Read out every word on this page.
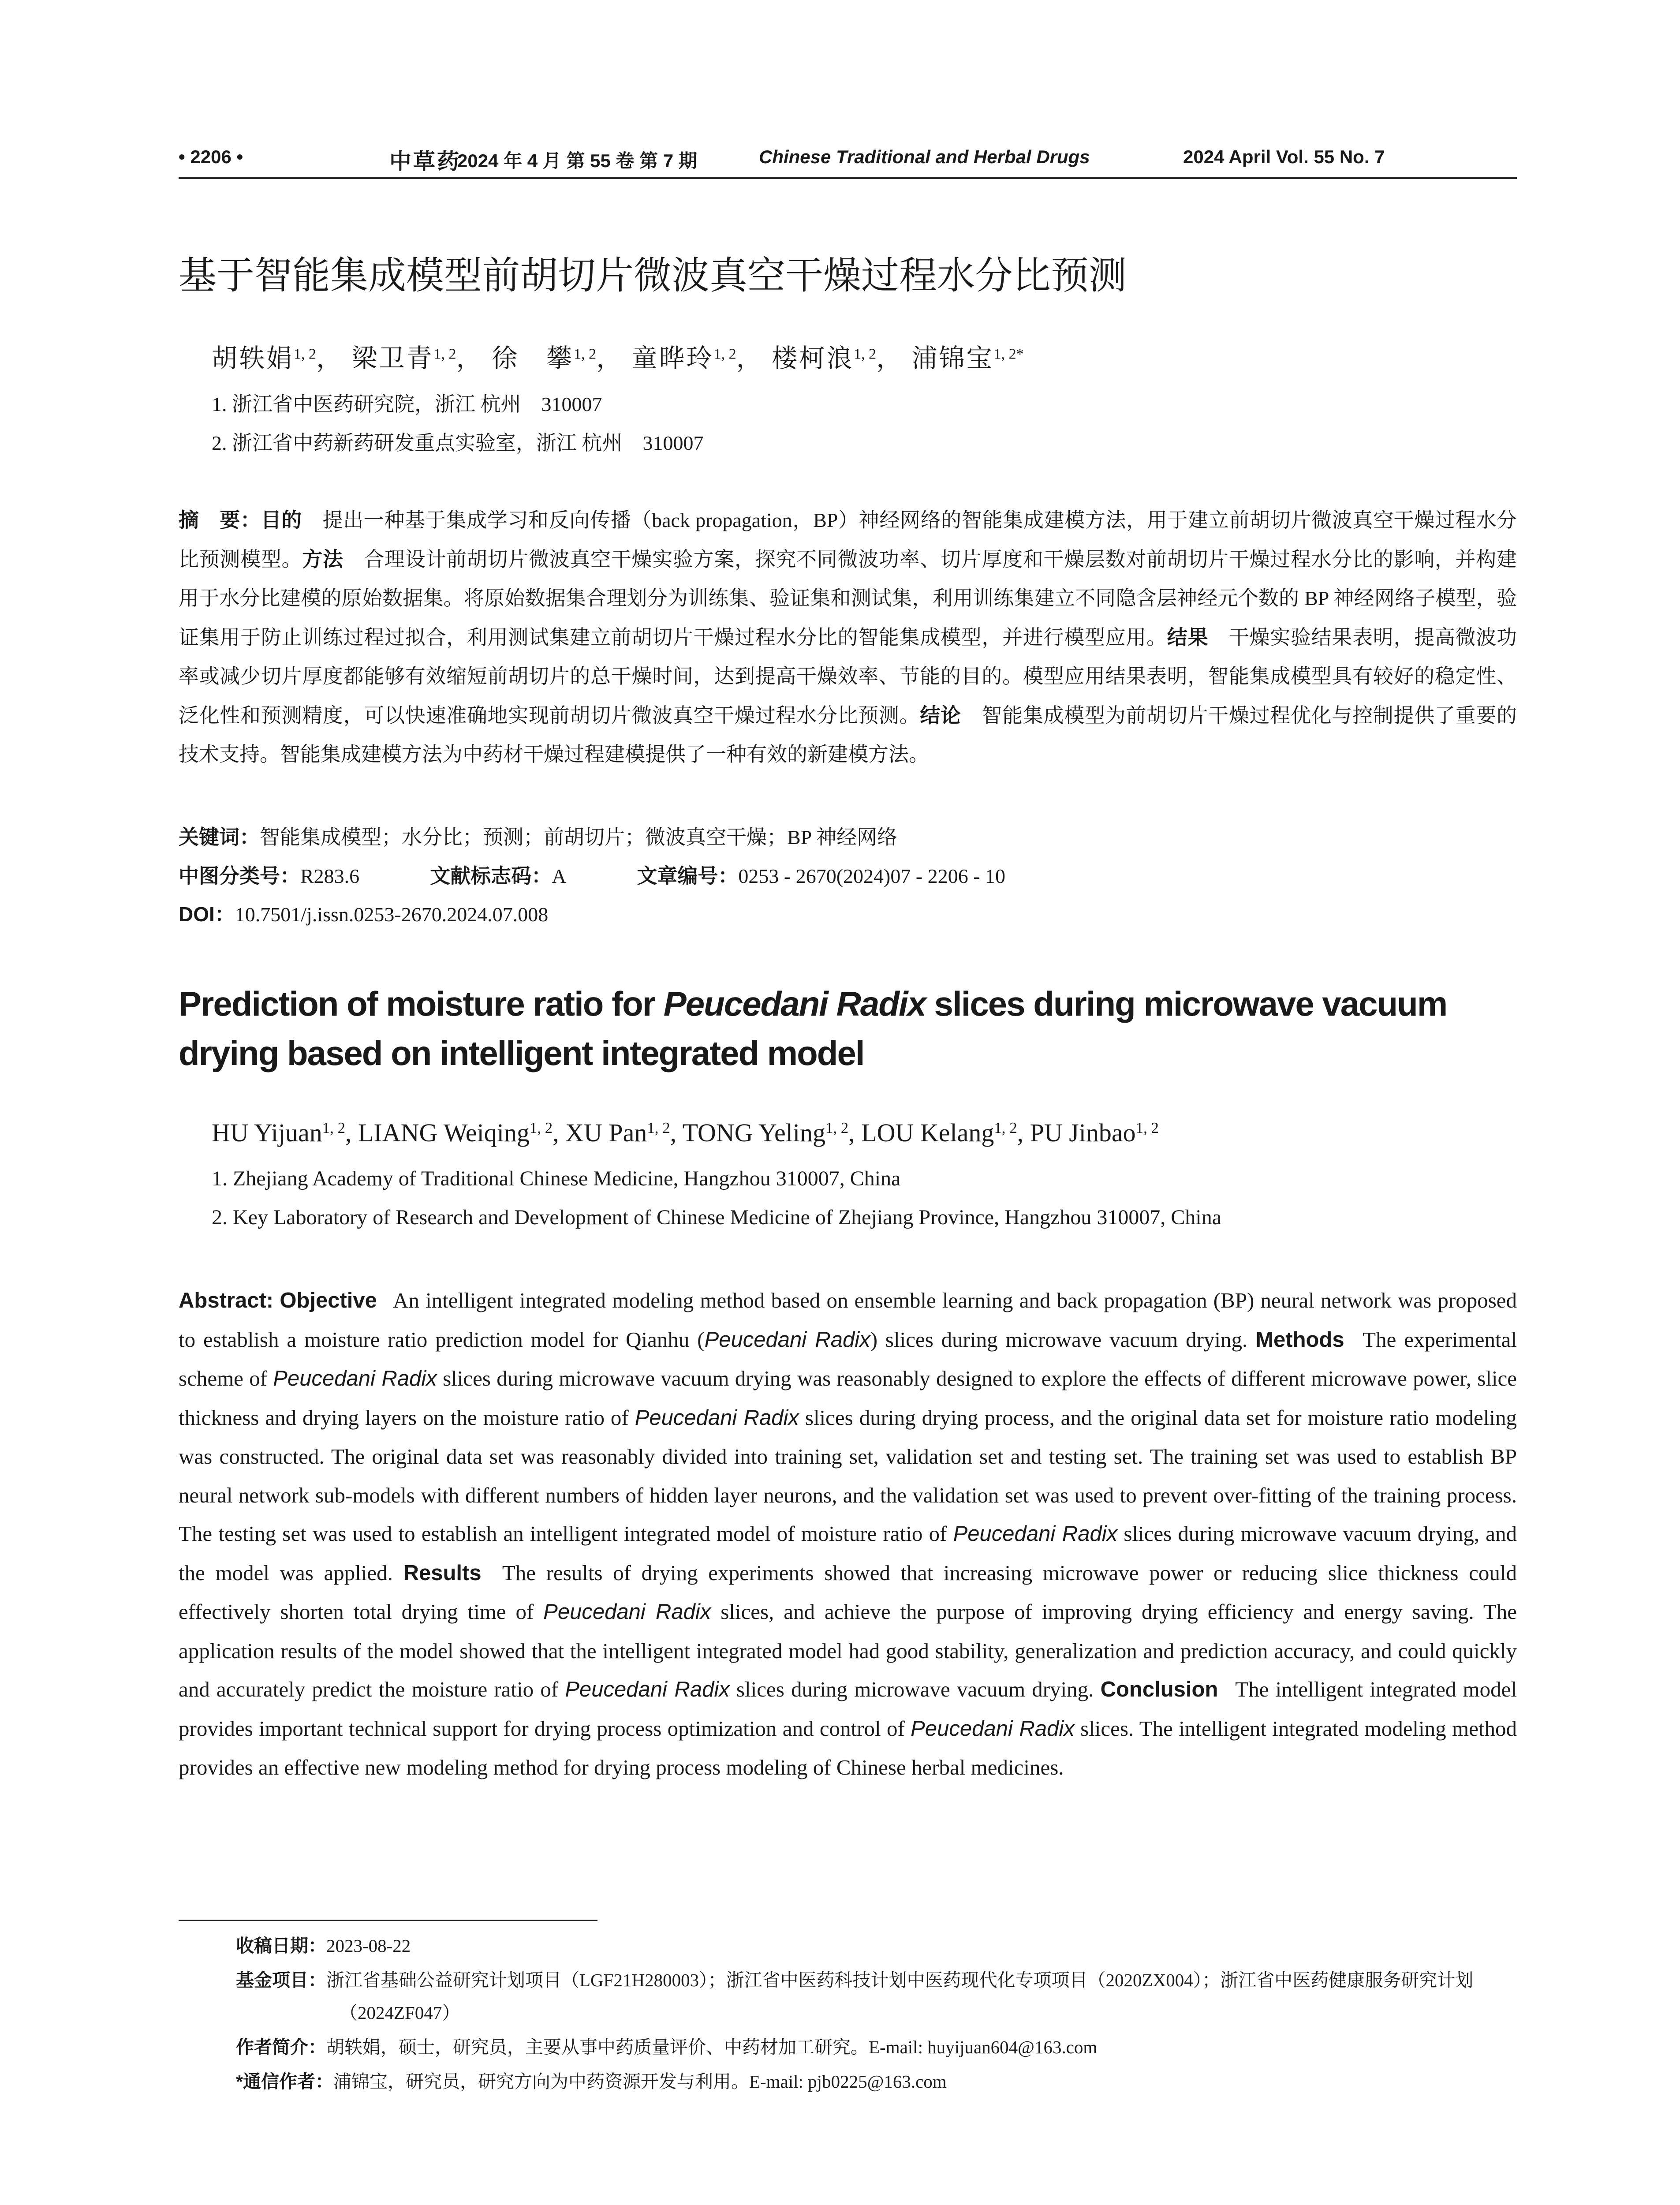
• 2206 •	中草药
2024 年 4 月 第 55 卷 第 7 期	Chinese Traditional and Herbal Drugs	2024 April Vol. 55 No. 7
基于智能集成模型前胡切片微波真空干燥过程水分比预测
胡轶娟$^{1, 2}$， 梁卫青$^{1, 2}$， 徐　攀$^{1, 2}$， 童晔玲$^{1, 2}$， 楼柯浪$^{1, 2}$， 浦锦宝$^{1, 2*}$
1. 浙江省中医药研究院，浙江 杭州　310007
2. 浙江省中药新药研发重点实验室，浙江 杭州　310007
摘　要：目的  提出一种基于集成学习和反向传播（back propagation，BP）神经网络的智能集成建模方法，用于建立前胡切片微波真空干燥过程水分比预测模型。方法  合理设计前胡切片微波真空干燥实验方案，探究不同微波功率、切片厚度和干燥层数对前胡切片干燥过程水分比的影响，并构建用于水分比建模的原始数据集。将原始数据集合理划分为训练集、验证集和测试集，利用训练集建立不同隐含层神经元个数的 BP 神经网络子模型，验证集用于防止训练过程过拟合，利用测试集建立前胡切片干燥过程水分比的智能集成模型，并进行模型应用。结果  干燥实验结果表明，提高微波功率或减少切片厚度都能够有效缩短前胡切片的总干燥时间，达到提高干燥效率、节能的目的。模型应用结果表明，智能集成模型具有较好的稳定性、泛化性和预测精度，可以快速准确地实现前胡切片微波真空干燥过程水分比预测。结论  智能集成模型为前胡切片干燥过程优化与控制提供了重要的技术支持。智能集成建模方法为中药材干燥过程建模提供了一种有效的新建模方法。
关键词：智能集成模型；水分比；预测；前胡切片；微波真空干燥；BP 神经网络
中图分类号：R283.6	文献标志码：A	文章编号：0253 - 2670(2024)07 - 2206 - 10
DOI：10.7501/j.issn.0253-2670.2024.07.008
Prediction of moisture ratio for Peucedani Radix slices during microwave vacuum drying based on intelligent integrated model
HU Yijuan$^{1, 2}$, LIANG Weiqing$^{1, 2}$, XU Pan$^{1, 2}$, TONG Yeling$^{1, 2}$, LOU Kelang$^{1, 2}$, PU Jinbao$^{1, 2}$
1. Zhejiang Academy of Traditional Chinese Medicine, Hangzhou 310007, China
2. Key Laboratory of Research and Development of Chinese Medicine of Zhejiang Province, Hangzhou 310007, China
Abstract: Objective  An intelligent integrated modeling method based on ensemble learning and back propagation (BP) neural network was proposed to establish a moisture ratio prediction model for Qianhu (Peucedani Radix) slices during microwave vacuum drying. Methods  The experimental scheme of Peucedani Radix slices during microwave vacuum drying was reasonably designed to explore the effects of different microwave power, slice thickness and drying layers on the moisture ratio of Peucedani Radix slices during drying process, and the original data set for moisture ratio modeling was constructed. The original data set was reasonably divided into training set, validation set and testing set. The training set was used to establish BP neural network sub-models with different numbers of hidden layer neurons, and the validation set was used to prevent over-fitting of the training process. The testing set was used to establish an intelligent integrated model of moisture ratio of Peucedani Radix slices during microwave vacuum drying, and the model was applied. Results  The results of drying experiments showed that increasing microwave power or reducing slice thickness could effectively shorten total drying time of Peucedani Radix slices, and achieve the purpose of improving drying efficiency and energy saving. The application results of the model showed that the intelligent integrated model had good stability, generalization and prediction accuracy, and could quickly and accurately predict the moisture ratio of Peucedani Radix slices during microwave vacuum drying. Conclusion  The intelligent integrated model provides important technical support for drying process optimization and control of Peucedani Radix slices. The intelligent integrated modeling method provides an effective new modeling method for drying process modeling of Chinese herbal medicines.
收稿日期：2023-08-22
基金项目：浙江省基础公益研究计划项目（LGF21H280003）；浙江省中医药科技计划中医药现代化专项项目（2020ZX004）；浙江省中医药健康服务研究计划（2024ZF047）
作者简介：胡轶娟，硕士，研究员，主要从事中药质量评价、中药材加工研究。E-mail: huyijuan604@163.com
*通信作者：浦锦宝，研究员，研究方向为中药资源开发与利用。E-mail: pjb0225@163.com
